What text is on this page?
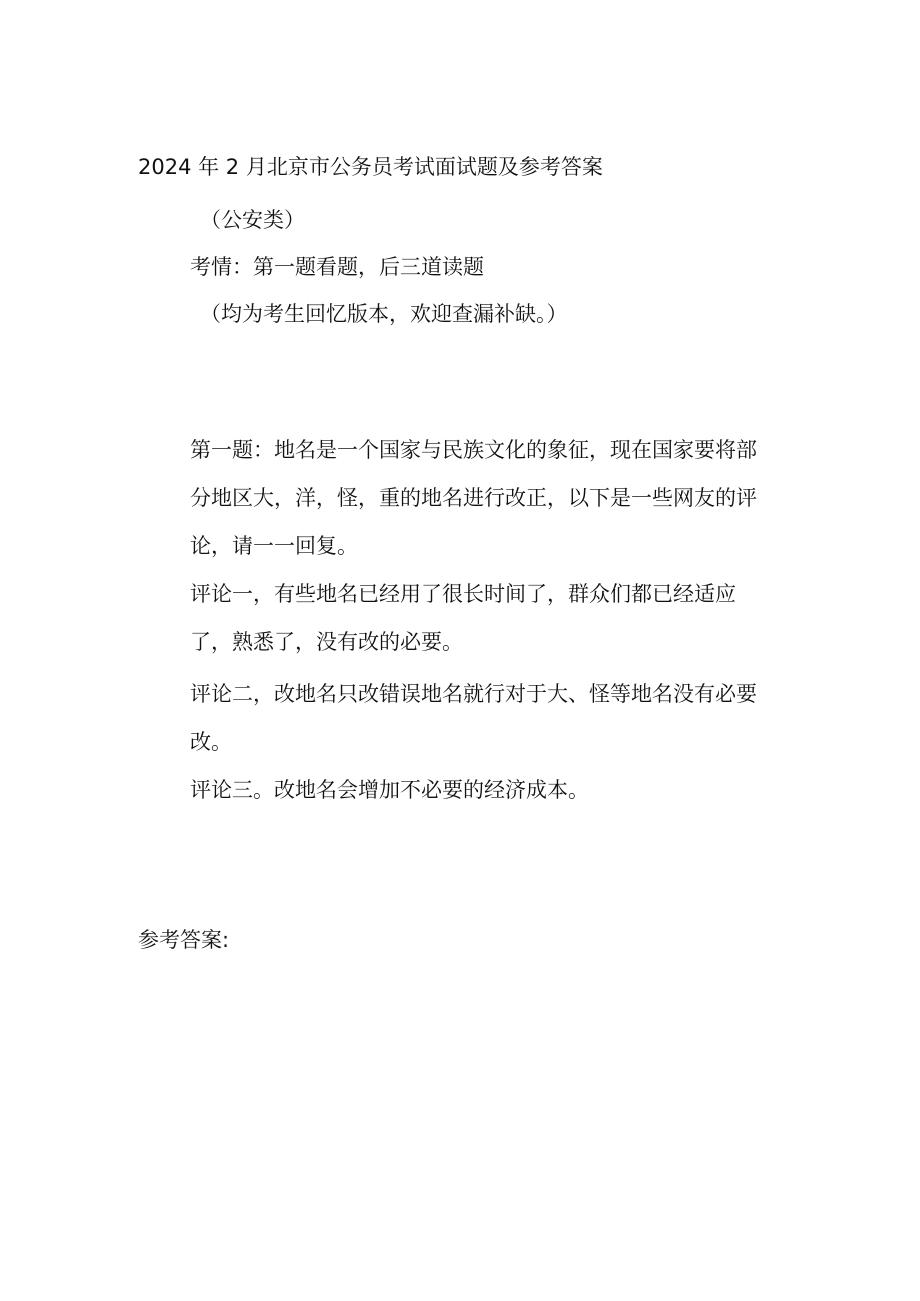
2024 年 2 月北京市公务员考试面试题及参考答案
（公安类）
考情：第一题看题，后三道读题
（均为考生回忆版本，欢迎查漏补缺。）
第一题：地名是一个国家与民族文化的象征，现在国家要将部
分地区大，洋，怪，重的地名进行改正，以下是一些网友的评
论，请一一回复。
评论一，有些地名已经用了很长时间了，群众们都已经适应
了，熟悉了，没有改的必要。
评论二，改地名只改错误地名就行对于大、怪等地名没有必要
改。
评论三。改地名会增加不必要的经济成本。
参考答案:
